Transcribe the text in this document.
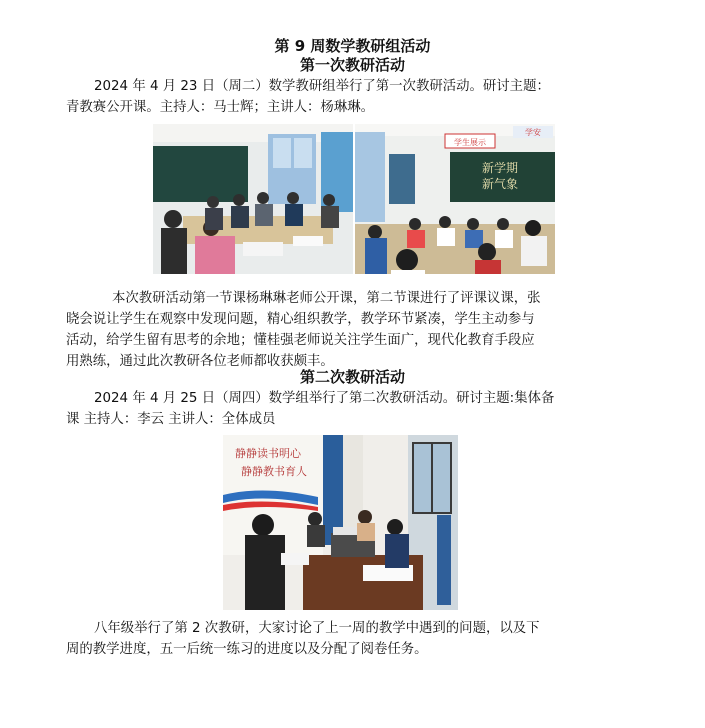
第 9 周数学教研组活动
第一次教研活动
2024 年 4 月 23 日（周二）数学教研组举行了第一次教研活动。研讨主题：
青教赛公开课。主持人：马士辉；主讲人：杨琳琳。
学生展示
学安
新学期
新气象
本次教研活动第一节课杨琳琳老师公开课，第二节课进行了评课议课，张
晓会说让学生在观察中发现问题，精心组织教学，教学环节紧凑，学生主动参与
活动，给学生留有思考的余地；懂桂强老师说关注学生面广，现代化教育手段应
用熟练，通过此次教研各位老师都收获颇丰。
第二次教研活动
2024 年 4 月 25 日（周四）数学组举行了第二次教研活动。研讨主题:集体备
课 主持人：李云 主讲人：全体成员
静静读书明心
静静教书育人
八年级举行了第 2 次教研，大家讨论了上一周的教学中遇到的问题，以及下
周的教学进度，五一后统一练习的进度以及分配了阅卷任务。
